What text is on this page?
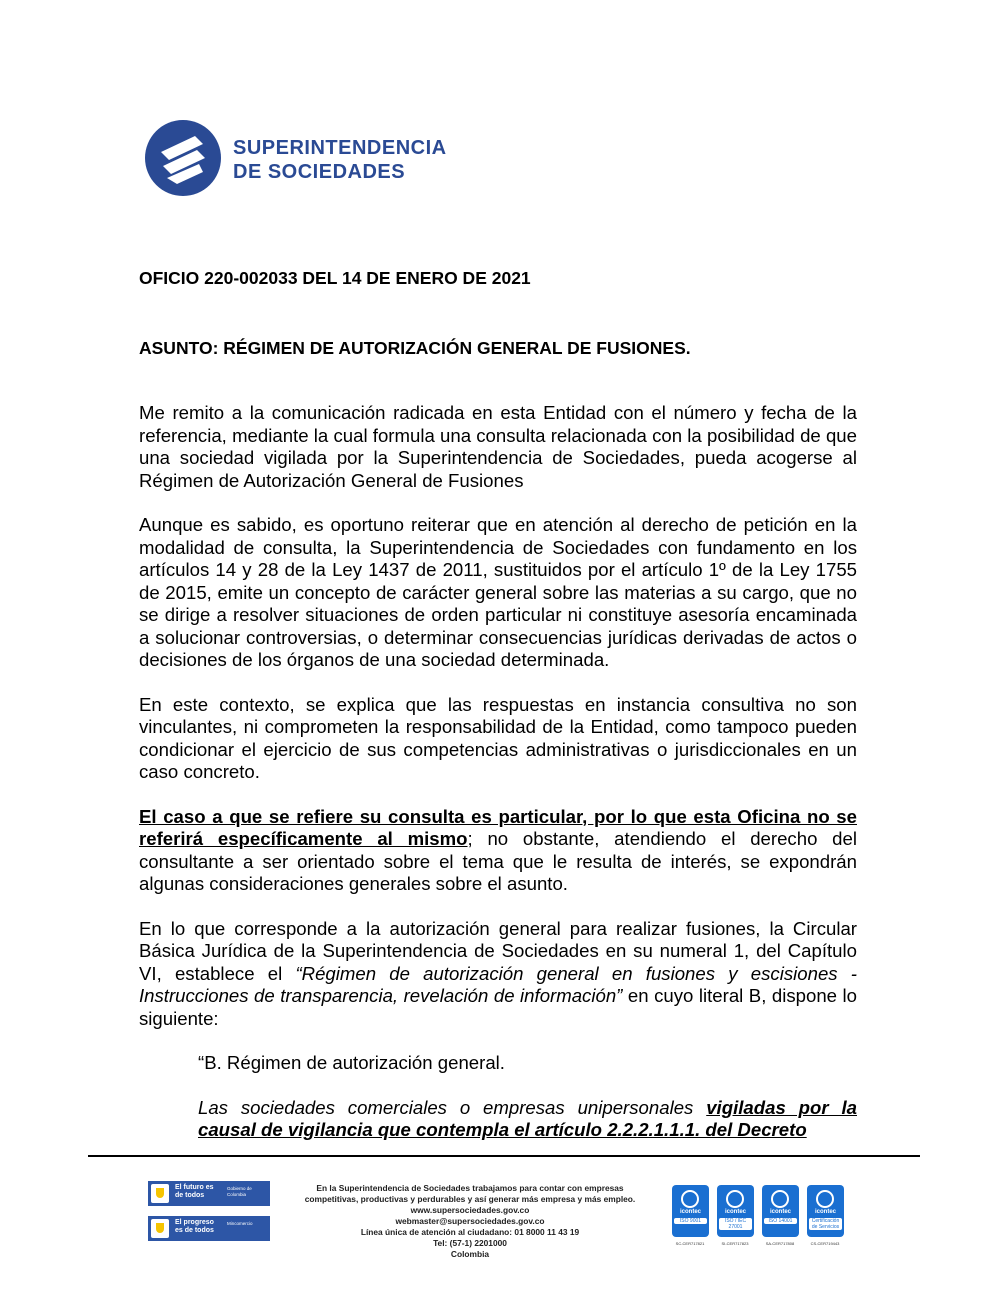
SUPERINTENDENCIA
DE SOCIEDADES
OFICIO 220-002033 DEL 14 DE ENERO DE 2021
ASUNTO: RÉGIMEN DE AUTORIZACIÓN GENERAL DE FUSIONES.

Me remito a la comunicación radicada en esta Entidad con el número y fecha de la referencia, mediante la cual formula una consulta relacionada con la posibilidad de que una sociedad vigilada por la Superintendencia de Sociedades, pueda acogerse al Régimen de Autorización General de Fusiones

Aunque es sabido, es oportuno reiterar que en atención al derecho de petición en la modalidad de consulta, la Superintendencia de Sociedades con fundamento en los artículos 14 y 28 de la Ley 1437 de 2011, sustituidos por el artículo 1º de la Ley 1755 de 2015, emite un concepto de carácter general sobre las materias a su cargo, que no se dirige a resolver situaciones de orden particular ni constituye asesoría encaminada a solucionar controversias, o determinar consecuencias jurídicas derivadas de actos o decisiones de los órganos de una sociedad determinada.

En este contexto, se explica que las respuestas en instancia consultiva no son vinculantes, ni comprometen la responsabilidad de la Entidad, como tampoco pueden condicionar el ejercicio de sus competencias administrativas o jurisdiccionales en un caso concreto.

El caso a que se refiere su consulta es particular, por lo que esta Oficina no se referirá específicamente al mismo; no obstante, atendiendo el derecho del consultante a ser orientado sobre el tema que le resulta de interés, se expondrán algunas consideraciones generales sobre el asunto.

En lo que corresponde a la autorización general para realizar fusiones, la Circular Básica Jurídica de la Superintendencia de Sociedades en su numeral 1, del Capítulo VI, establece el “Régimen de autorización general en fusiones y escisiones - Instrucciones de transparencia, revelación de información” en cuyo literal B, dispone lo siguiente:

“B. Régimen de autorización general.

Las sociedades comerciales o empresas unipersonales vigiladas por la causal de vigilancia que contempla el artículo 2.2.2.1.1.1. del Decreto

El futuro es de todos
Gobierno de Colombia
El progreso es de todos
Mincomercio
En la Superintendencia de Sociedades trabajamos para contar con empresas
competitivas, productivas y perdurables y así generar más empresa y más empleo.
www.supersociedades.gov.co
webmaster@supersociedades.gov.co
Línea única de atención al ciudadano: 01 8000 11 43 19
Tel: (57-1) 2201000
Colombia
icontec
ISO 9001
icontec
ISO / IEC 27001
icontec
ISO 14001
icontec
Certificación de Servicios
SC-CER717821	SI-CER717823	SA-CER717808	CS-CER719443
